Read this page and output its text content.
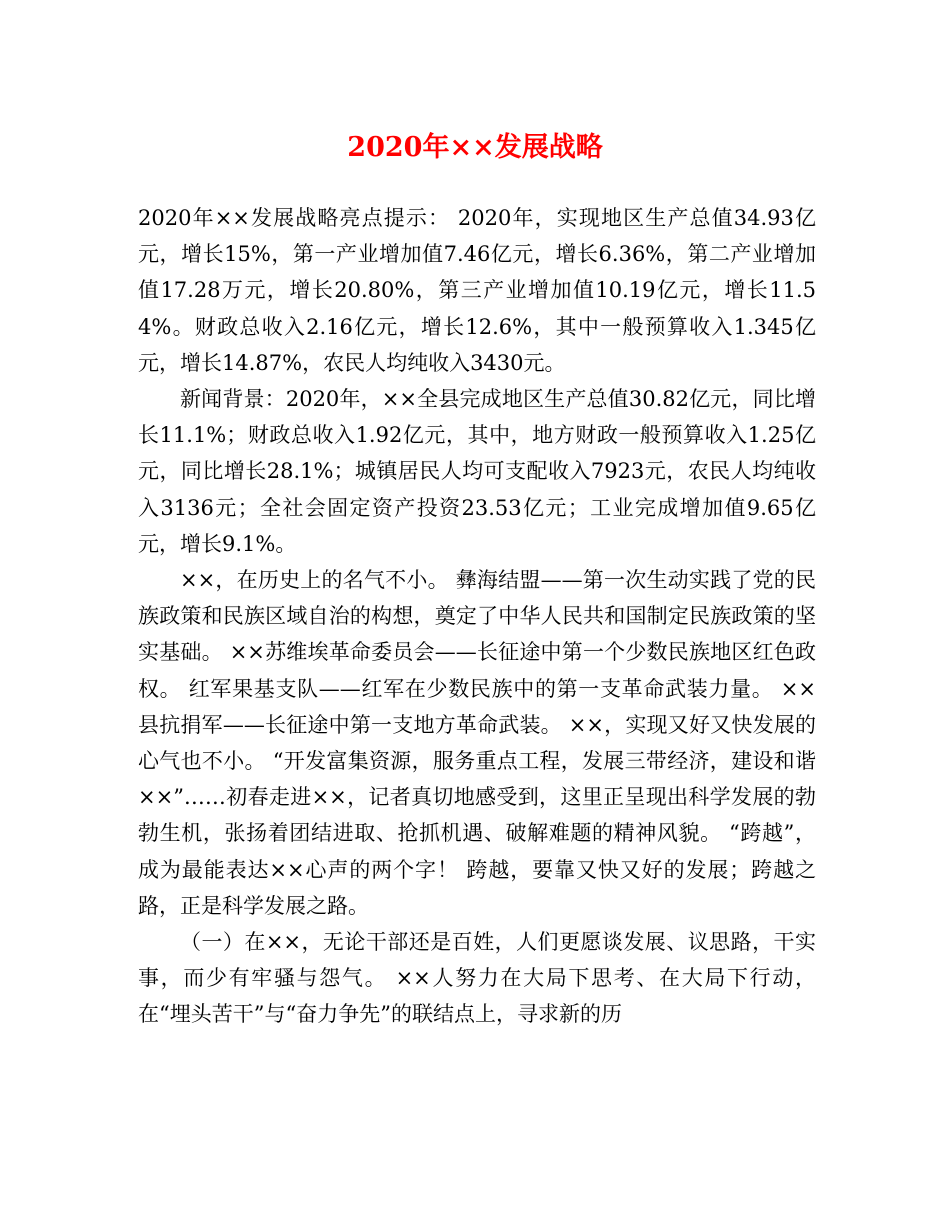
2020年××发展战略

2020年××发展战略亮点提示： 2020年，实现地区生产总值34.93亿元，增长15%，第一产业增加值7.46亿元，增长6.36%，第二产业增加值17.28万元，增长20.80%，第三产业增加值10.19亿元，增长11.54%。财政总收入2.16亿元，增长12.6%，其中一般预算收入1.345亿元，增长14.87%，农民人均纯收入3430元。

新闻背景：2020年，××全县完成地区生产总值30.82亿元，同比增长11.1%；财政总收入1.92亿元，其中，地方财政一般预算收入1.25亿元，同比增长28.1%；城镇居民人均可支配收入7923元，农民人均纯收入3136元；全社会固定资产投资23.53亿元；工业完成增加值9.65亿元，增长9.1%。

××，在历史上的名气不小。 彝海结盟——第一次生动实践了党的民族政策和民族区域自治的构想，奠定了中华人民共和国制定民族政策的坚实基础。 ××苏维埃革命委员会——长征途中第一个少数民族地区红色政权。 红军果基支队——红军在少数民族中的第一支革命武装力量。 ××县抗捐军——长征途中第一支地方革命武装。 ××，实现又好又快发展的心气也不小。 “开发富集资源，服务重点工程，发展三带经济，建设和谐××”……初春走进××，记者真切地感受到，这里正呈现出科学发展的勃勃生机，张扬着团结进取、抢抓机遇、破解难题的精神风貌。 “跨越”，成为最能表达××心声的两个字！ 跨越，要靠又快又好的发展；跨越之路，正是科学发展之路。

（一）在××，无论干部还是百姓，人们更愿谈发展、议思路，干实事，而少有牢骚与怨气。 ××人努力在大局下思考、在大局下行动，在“埋头苦干”与“奋力争先”的联结点上，寻求新的历
